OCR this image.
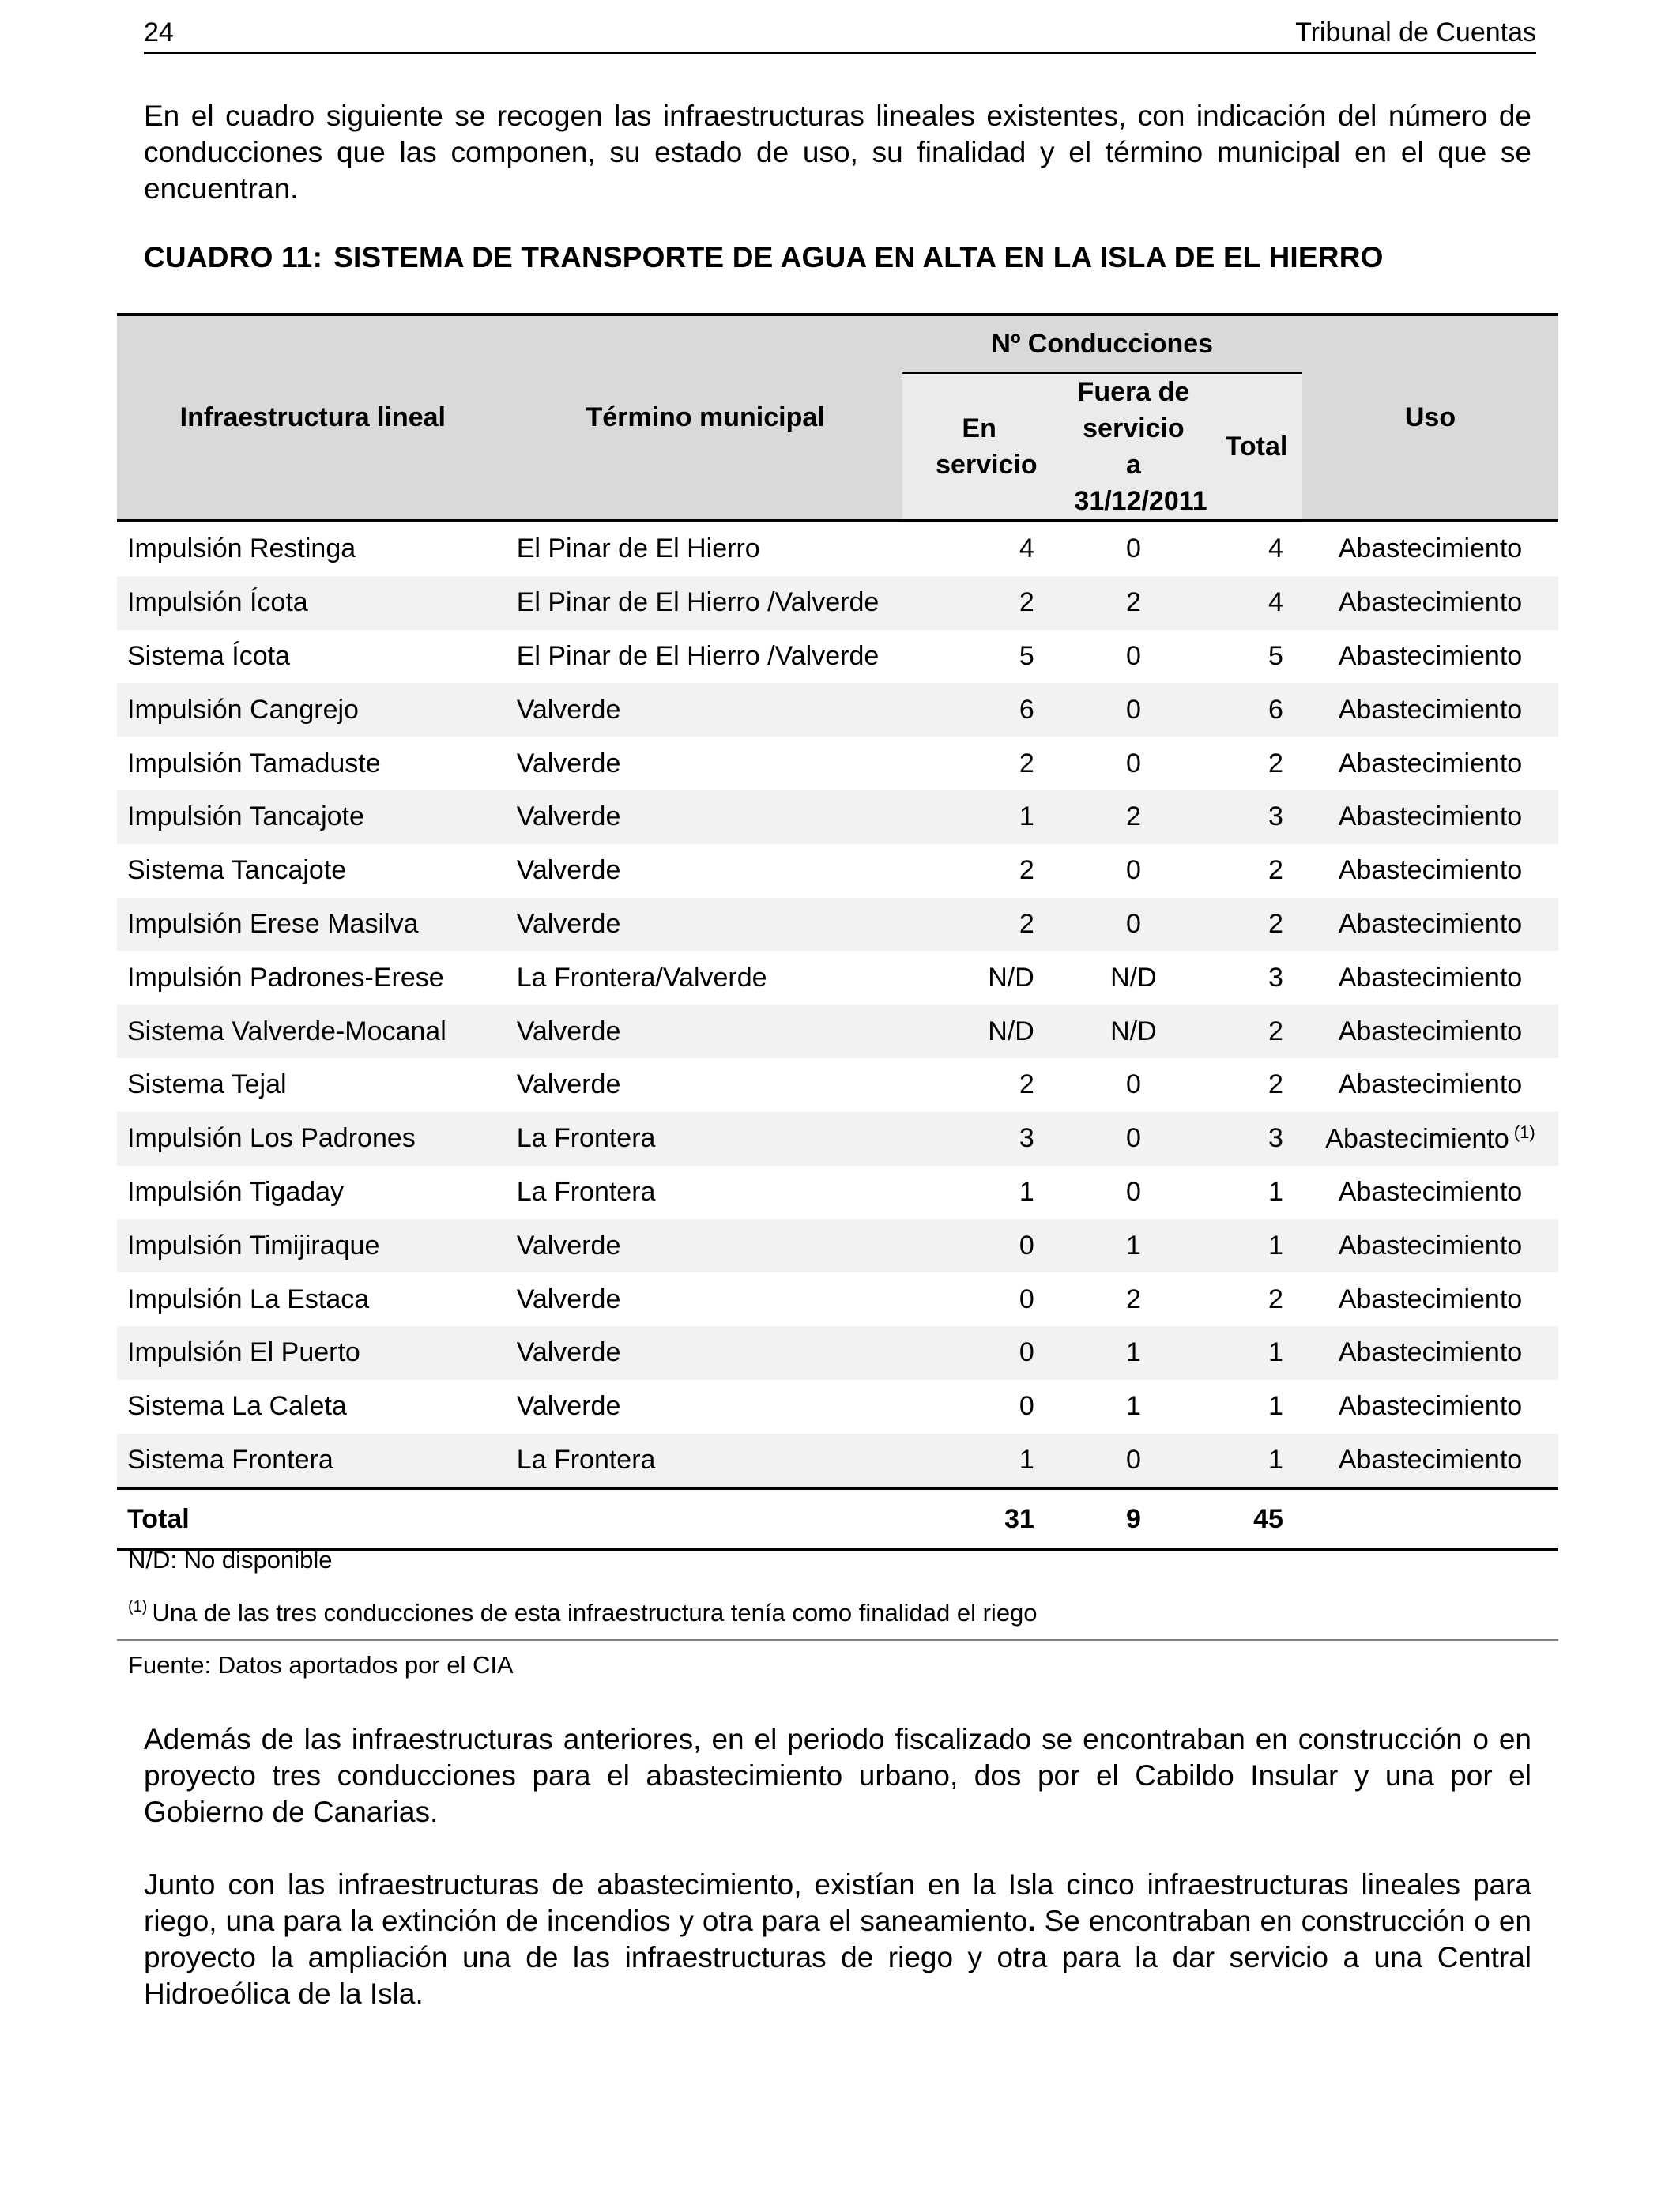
24	Tribunal de Cuentas

En el cuadro siguiente se recogen las infraestructuras lineales existentes, con indicación del número de conducciones que las componen, su estado de uso, su finalidad y el término municipal en el que se encuentran.

CUADRO 11: SISTEMA DE TRANSPORTE DE AGUA EN ALTA EN LA ISLA DE EL HIERRO
Infraestructura lineal	Término municipal	Nº Conducciones			Uso

		En servicio	Fuera de servicio a 31/12/2011	Total	
Impulsión Restinga	El Pinar de El Hierro	4	0	4	Abastecimiento
Impulsión Ícota	El Pinar de El Hierro /Valverde	2	2	4	Abastecimiento
Sistema Ícota	El Pinar de El Hierro /Valverde	5	0	5	Abastecimiento
Impulsión Cangrejo	Valverde	6	0	6	Abastecimiento
Impulsión Tamaduste	Valverde	2	0	2	Abastecimiento
Impulsión Tancajote	Valverde	1	2	3	Abastecimiento
Sistema Tancajote	Valverde	2	0	2	Abastecimiento
Impulsión Erese Masilva	Valverde	2	0	2	Abastecimiento
Impulsión Padrones-Erese	La Frontera/Valverde	N/D	N/D	3	Abastecimiento
Sistema Valverde-Mocanal	Valverde	N/D	N/D	2	Abastecimiento
Sistema Tejal	Valverde	2	0	2	Abastecimiento
Impulsión Los Padrones	La Frontera	3	0	3	Abastecimiento $^{(1)}$
Impulsión Tigaday	La Frontera	1	0	1	Abastecimiento
Impulsión Timijiraque	Valverde	0	1	1	Abastecimiento
Impulsión La Estaca	Valverde	0	2	2	Abastecimiento
Impulsión El Puerto	Valverde	0	1	1	Abastecimiento
Sistema La Caleta	Valverde	0	1	1	Abastecimiento
Sistema Frontera	La Frontera	1	0	1	Abastecimiento
Total		31	9	45	
N/D: No disponible
$^{(1)}$ Una de las tres conducciones de esta infraestructura tenía como finalidad el riego
Fuente: Datos aportados por el CIA

Además de las infraestructuras anteriores, en el periodo fiscalizado se encontraban en construcción o en proyecto tres conducciones para el abastecimiento urbano, dos por el Cabildo Insular y una por el Gobierno de Canarias.

Junto con las infraestructuras de abastecimiento, existían en la Isla cinco infraestructuras lineales para riego, una para la extinción de incendios y otra para el saneamiento. Se encontraban en construcción o en proyecto la ampliación una de las infraestructuras de riego y otra para la dar servicio a una Central Hidroeólica de la Isla.
